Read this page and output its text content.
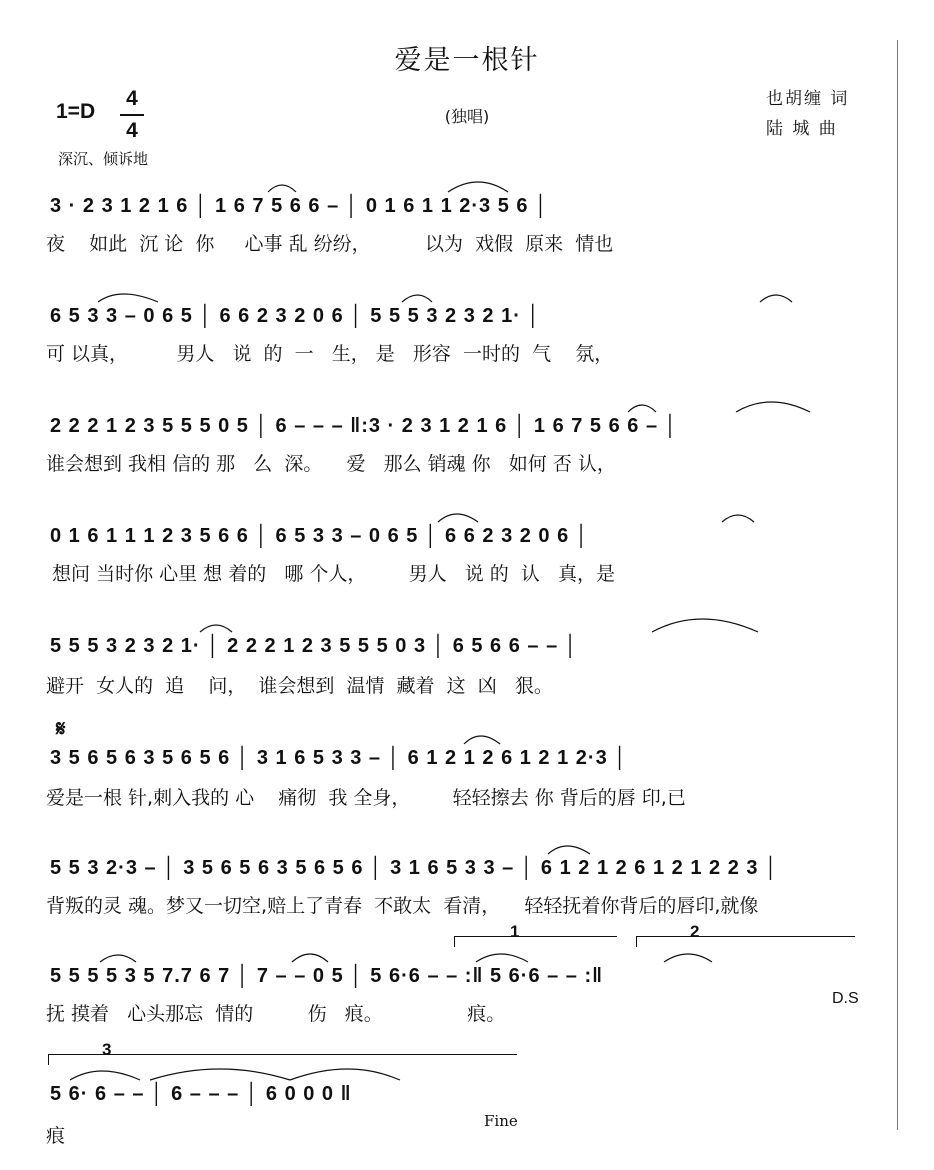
爱是一根针
1=D
4
4
(独唱)
也胡缠 词
陆 城 曲
深沉、倾诉地
3 · 2 3 1 2 1 6 │ 1 6 7 5 6 6 – │ 0 1 6 1 1 2·3 5 6 │
夜    如此  沉 论  你     心事 乱 纷纷，         以为  戏假  原来  情也
6 5 3 3 – 0 6 5 │ 6 6 2 3 2 0 6 │ 5 5 5 3 2 3 2 1· │
可 以真，        男人   说  的  一   生， 是   形容  一时的  气    氛，
2 2 2 1 2 3 5 5 5 0 5 │ 6 – – – ‖:3 · 2 3 1 2 1 6 │ 1 6 7 5 6 6 – │
谁会想到 我相 信的 那   么  深。    爱   那么 销魂 你   如何 否 认，
0 1 6 1 1 1 2 3 5 6 6 │ 6 5 3 3 – 0 6 5 │ 6 6 2 3 2 0 6 │
想问 当时你 心里 想 着的   哪 个人，       男人   说 的  认   真，是
5 5 5 3 2 3 2 1· │ 2 2 2 1 2 3 5 5 5 0 3 │ 6 5 6 6 – – │
避开  女人的  追    问，  谁会想到  温情  藏着  这  凶   狠。
𝄋
3 5 6 5 6 3 5 6 5 6 │ 3 1 6 5 3 3 – │ 6 1 2 1 2 6 1 2 1 2·3 │
爱是一根 针,刺入我的 心    痛彻  我 全身，       轻轻擦去 你 背后的唇 印,已
5 5 3 2·3 – │ 3 5 6 5 6 3 5 6 5 6 │ 3 1 6 5 3 3 – │ 6 1 2 1 2 6 1 2 1 2 2 3 │
背叛的灵 魂。梦又一切空,赔上了青春  不敢太  看清，    轻轻抚着你背后的唇印,就像
1	2
5 5 5 5 3 5 7.7 6 7 │ 7 – – 0 5 │ 5 6·6 – – :‖ 5 6·6 – – :‖
抚 摸着   心头那忘  情的         伤   痕。              痕。
D.S
3
5 6· 6 – – │ 6 – – – │ 6 0 0 0 ‖
痕
Fine
